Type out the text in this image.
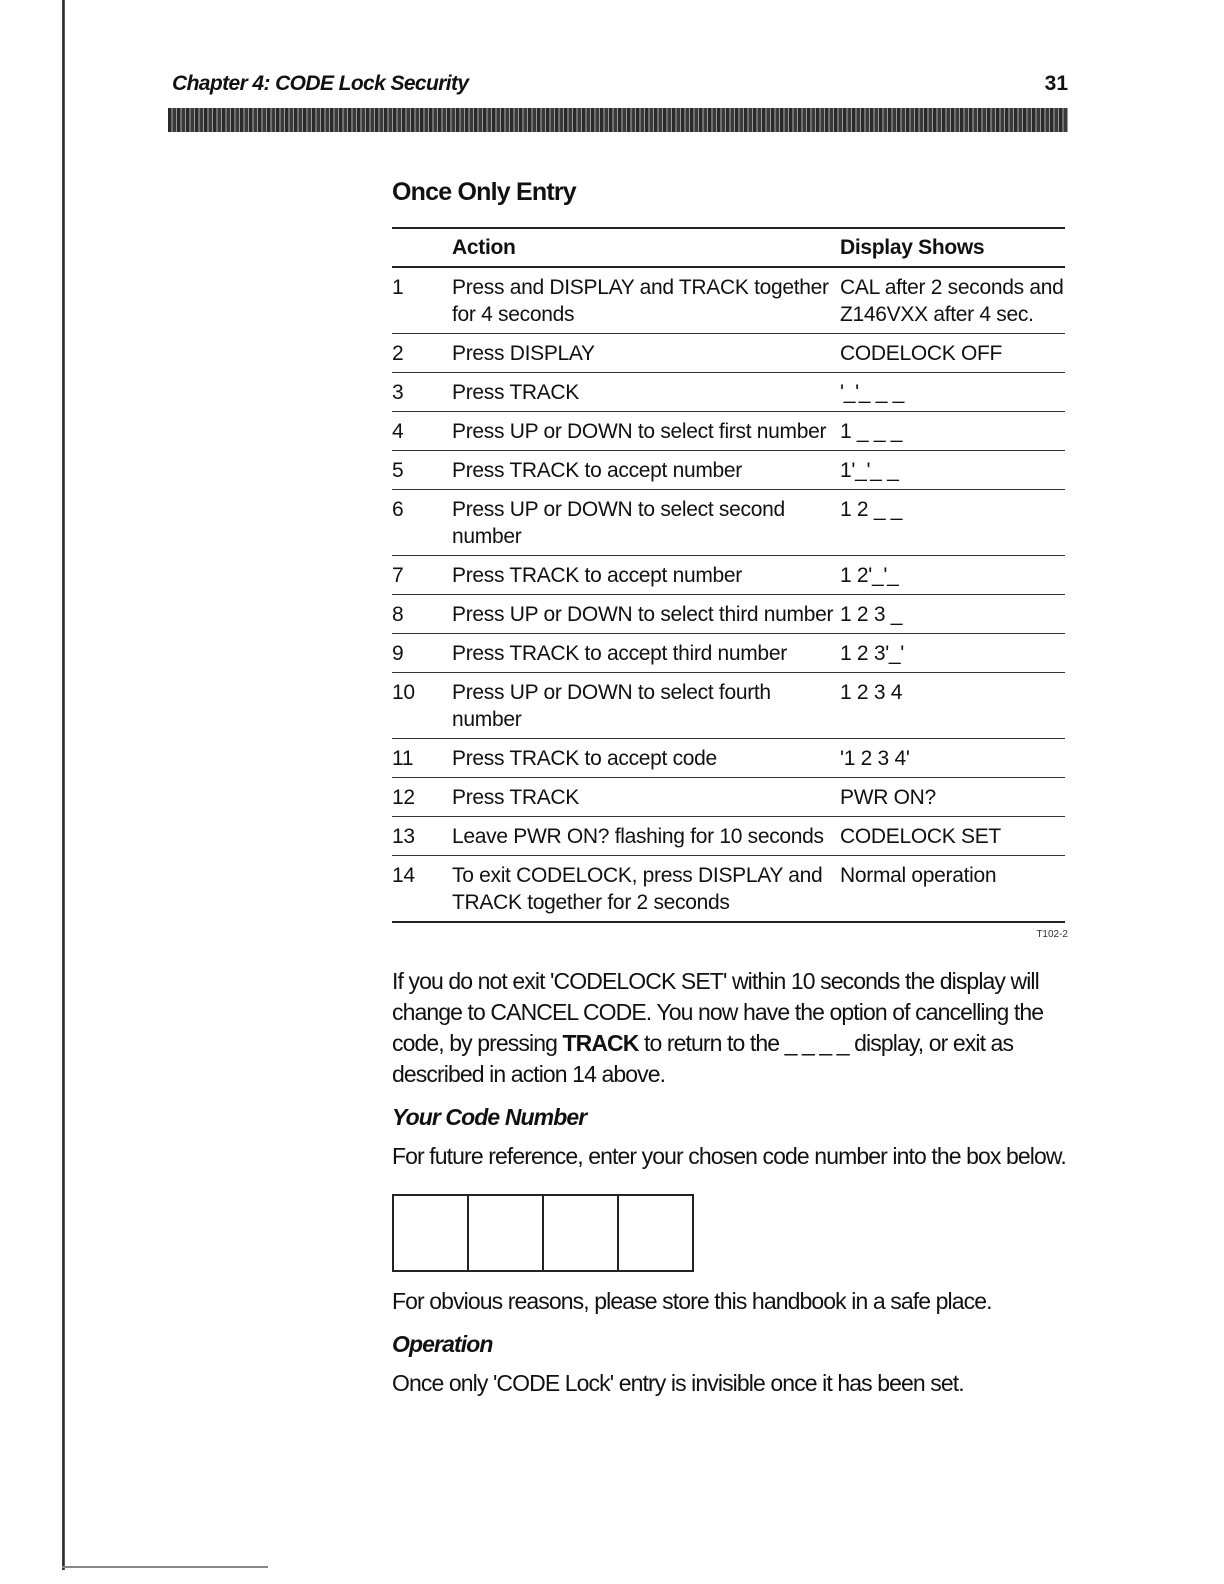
Chapter 4: CODE Lock Security	31
Once Only Entry
	Action	Display Shows
1	Press and DISPLAY and TRACK together for 4 seconds	CAL after 2 seconds and Z146VXX after 4 sec.
2	Press DISPLAY	CODELOCK OFF
3	Press TRACK	'_'_ _ _
4	Press UP or DOWN to select first number	1 _ _ _
5	Press TRACK to accept number	1'_'_ _
6	Press UP or DOWN to select second number	1 2 _ _
7	Press TRACK to accept number	1 2'_'_
8	Press UP or DOWN to select third number	1 2 3 _
9	Press TRACK to accept third number	1 2 3'_'
10	Press UP or DOWN to select fourth number	1 2 3 4
11	Press TRACK to accept code	'1 2 3 4'
12	Press TRACK	PWR ON?
13	Leave PWR ON? flashing for 10 seconds	CODELOCK SET
14	To exit CODELOCK, press DISPLAY and TRACK together for 2 seconds	Normal operation
T102-2

If you do not exit 'CODELOCK SET' within 10 seconds the display will change to CANCEL CODE. You now have the option of cancelling the code, by pressing TRACK to return to the _ _ _ _ display, or exit as described in action 14 above.

Your Code Number

For future reference, enter your chosen code number into the box below.

For obvious reasons, please store this handbook in a safe place.

Operation

Once only 'CODE Lock' entry is invisible once it has been set.
